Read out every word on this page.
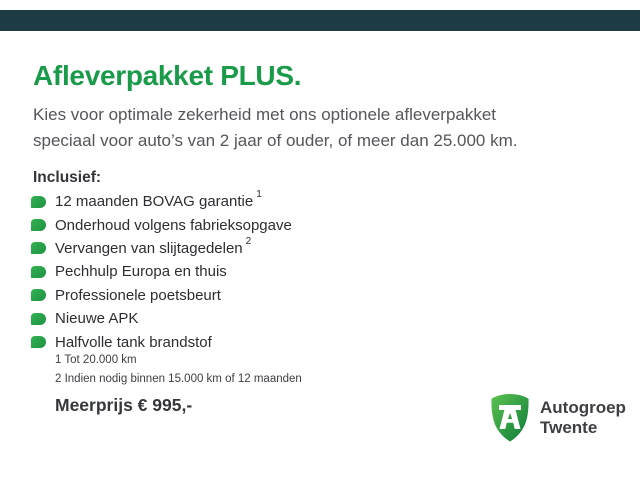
Afleverpakket PLUS.
Kies voor optimale zekerheid met ons optionele afleverpakket
speciaal voor auto’s van 2 jaar of ouder, of meer dan 25.000 km.
Inclusief:
12 maanden BOVAG garantie $^1$
Onderhoud volgens fabrieksopgave
Vervangen van slijtagedelen $^2$
Pechhulp Europa en thuis
Professionele poetsbeurt
Nieuwe APK
Halfvolle tank brandstof
1 Tot 20.000 km
2 Indien nodig binnen 15.000 km of 12 maanden
Meerprijs € 995,-	Autogroep
Twente
